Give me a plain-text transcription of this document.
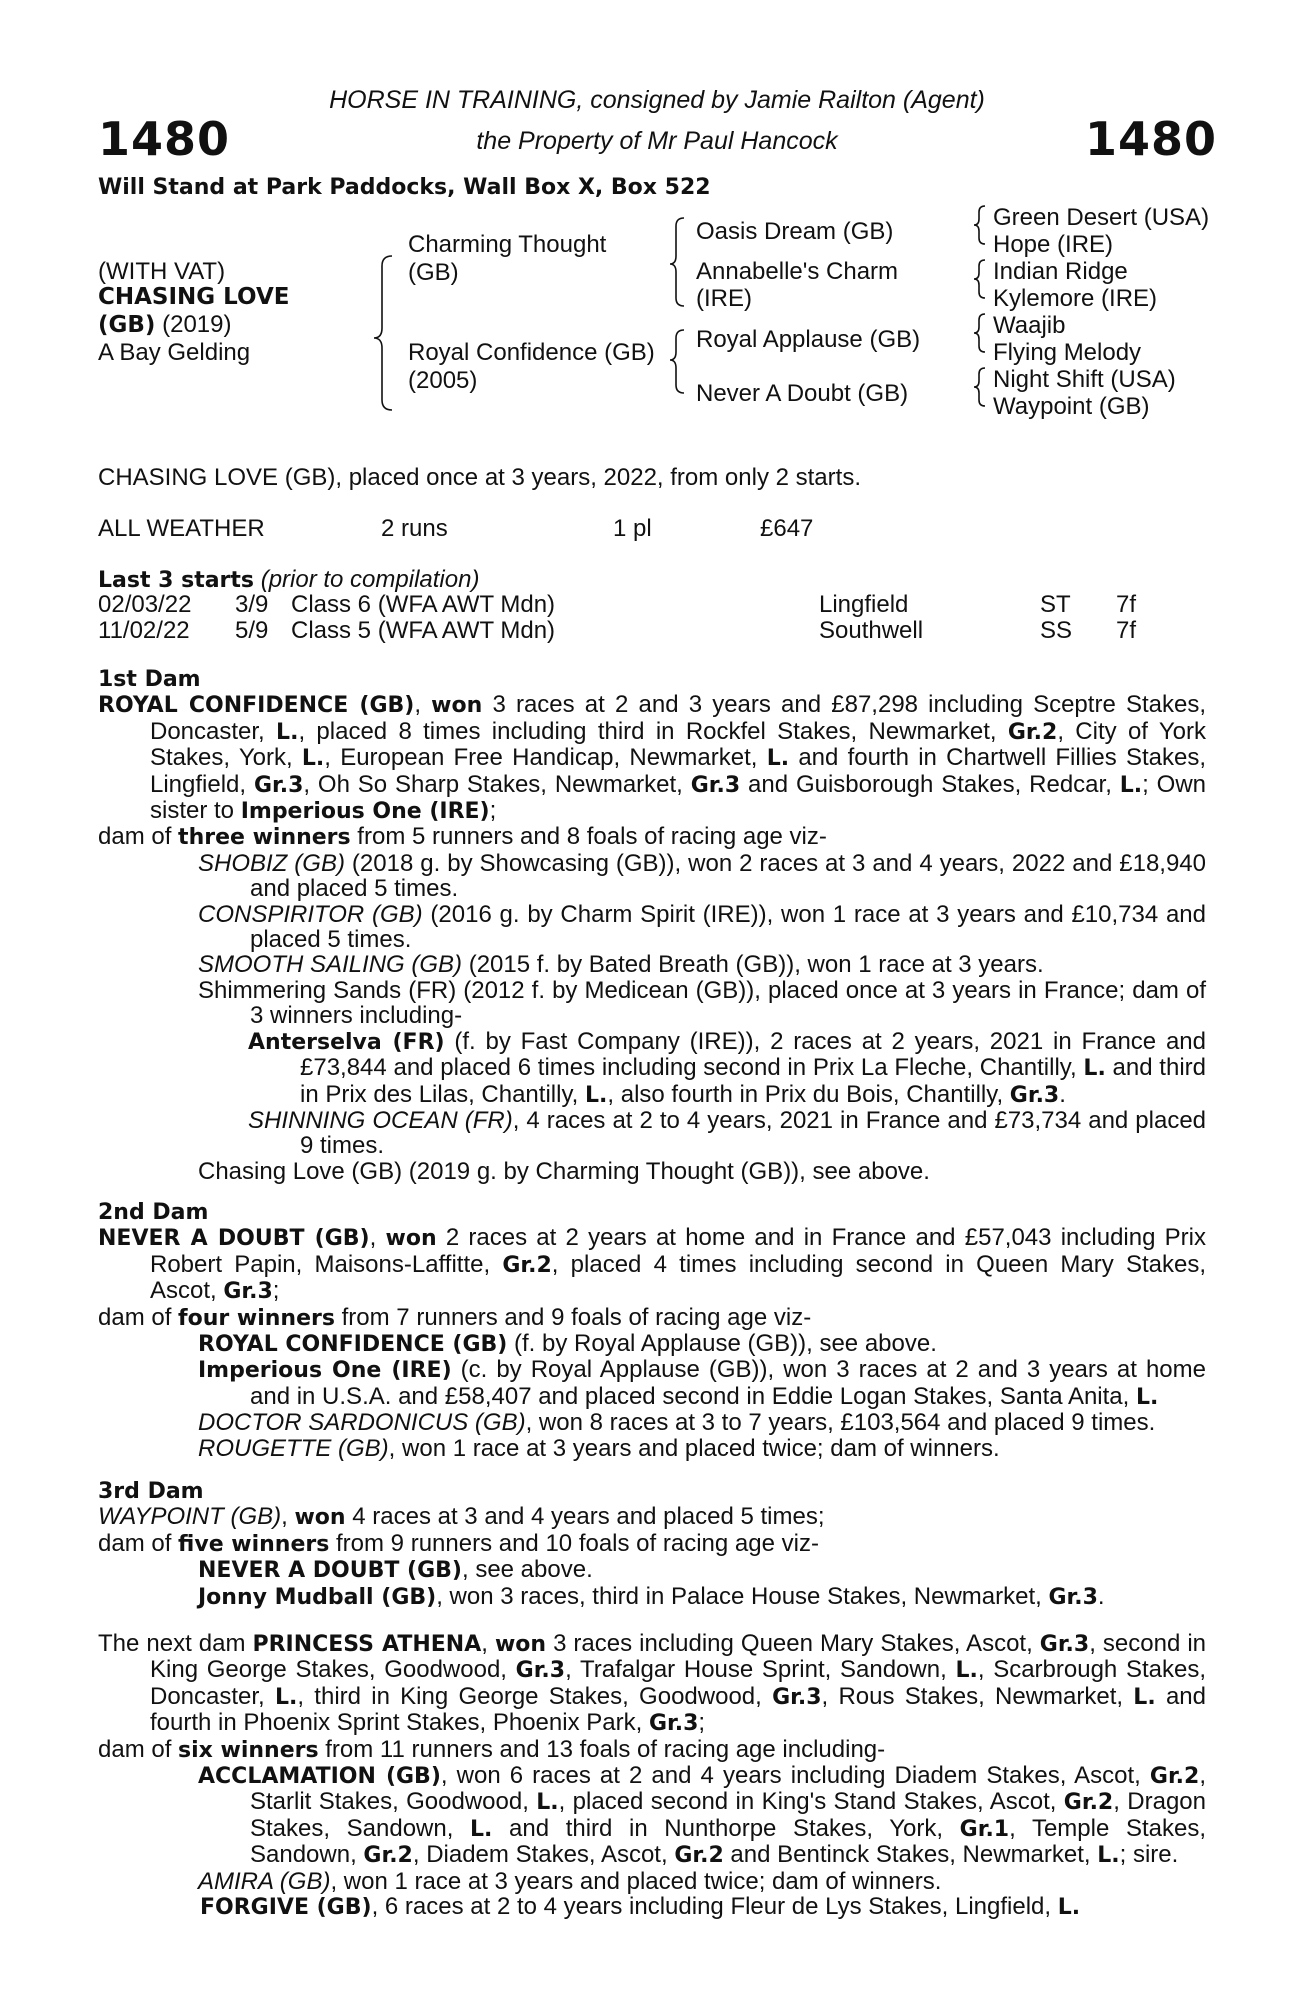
1480	1480
HORSE IN TRAINING, consigned by Jamie Railton (Agent)
the Property of Mr Paul Hancock
Will Stand at Park Paddocks, Wall Box X, Box 522
(WITH VAT)
CHASING LOVE
(GB) (2019)
A Bay Gelding
Charming Thought
(GB)
Royal Confidence (GB)
(2005)
Oasis Dream (GB)
Annabelle's Charm
(IRE)
Royal Applause (GB)
Never A Doubt (GB)
Green Desert (USA)
Hope (IRE)
Indian Ridge
Kylemore (IRE)
Waajib
Flying Melody
Night Shift (USA)
Waypoint (GB)
CHASING LOVE (GB), placed once at 3 years, 2022, from only 2 starts.
ALL WEATHER	2 runs	1 pl	£647
Last 3 starts (prior to compilation)
02/03/22 3/9 Class 6 (WFA AWT Mdn)	Lingfield	ST 7f
11/02/22 5/9 Class 5 (WFA AWT Mdn)	Southwell	SS 7f
1st Dam
ROYAL CONFIDENCE (GB), won 3 races at 2 and 3 years and £87,298 including Sceptre Stakes, Doncaster, L., placed 8 times including third in Rockfel Stakes, Newmarket, Gr.2, City of York Stakes, York, L., European Free Handicap, Newmarket, L. and fourth in Chartwell Fillies Stakes, Lingfield, Gr.3, Oh So Sharp Stakes, Newmarket, Gr.3 and Guisborough Stakes, Redcar, L.; Own sister to Imperious One (IRE);
dam of three winners from 5 runners and 8 foals of racing age viz-
SHOBIZ (GB) (2018 g. by Showcasing (GB)), won 2 races at 3 and 4 years, 2022 and £18,940 and placed 5 times.
CONSPIRITOR (GB) (2016 g. by Charm Spirit (IRE)), won 1 race at 3 years and £10,734 and placed 5 times.
SMOOTH SAILING (GB) (2015 f. by Bated Breath (GB)), won 1 race at 3 years.
Shimmering Sands (FR) (2012 f. by Medicean (GB)), placed once at 3 years in France; dam of 3 winners including-
Anterselva (FR) (f. by Fast Company (IRE)), 2 races at 2 years, 2021 in France and £73,844 and placed 6 times including second in Prix La Fleche, Chantilly, L. and third in Prix des Lilas, Chantilly, L., also fourth in Prix du Bois, Chantilly, Gr.3.
SHINNING OCEAN (FR), 4 races at 2 to 4 years, 2021 in France and £73,734 and placed 9 times.
Chasing Love (GB) (2019 g. by Charming Thought (GB)), see above.
2nd Dam
NEVER A DOUBT (GB), won 2 races at 2 years at home and in France and £57,043 including Prix Robert Papin, Maisons-Laffitte, Gr.2, placed 4 times including second in Queen Mary Stakes, Ascot, Gr.3;
dam of four winners from 7 runners and 9 foals of racing age viz-
ROYAL CONFIDENCE (GB) (f. by Royal Applause (GB)), see above.
Imperious One (IRE) (c. by Royal Applause (GB)), won 3 races at 2 and 3 years at home and in U.S.A. and £58,407 and placed second in Eddie Logan Stakes, Santa Anita, L.
DOCTOR SARDONICUS (GB), won 8 races at 3 to 7 years, £103,564 and placed 9 times.
ROUGETTE (GB), won 1 race at 3 years and placed twice; dam of winners.
3rd Dam
WAYPOINT (GB), won 4 races at 3 and 4 years and placed 5 times;
dam of five winners from 9 runners and 10 foals of racing age viz-
NEVER A DOUBT (GB), see above.
Jonny Mudball (GB), won 3 races, third in Palace House Stakes, Newmarket, Gr.3.
The next dam PRINCESS ATHENA, won 3 races including Queen Mary Stakes, Ascot, Gr.3, second in King George Stakes, Goodwood, Gr.3, Trafalgar House Sprint, Sandown, L., Scarbrough Stakes, Doncaster, L., third in King George Stakes, Goodwood, Gr.3, Rous Stakes, Newmarket, L. and fourth in Phoenix Sprint Stakes, Phoenix Park, Gr.3;
dam of six winners from 11 runners and 13 foals of racing age including-
ACCLAMATION (GB), won 6 races at 2 and 4 years including Diadem Stakes, Ascot, Gr.2, Starlit Stakes, Goodwood, L., placed second in King's Stand Stakes, Ascot, Gr.2, Dragon Stakes, Sandown, L. and third in Nunthorpe Stakes, York, Gr.1, Temple Stakes, Sandown, Gr.2, Diadem Stakes, Ascot, Gr.2 and Bentinck Stakes, Newmarket, L.; sire.
AMIRA (GB), won 1 race at 3 years and placed twice; dam of winners.
FORGIVE (GB), 6 races at 2 to 4 years including Fleur de Lys Stakes, Lingfield, L.
